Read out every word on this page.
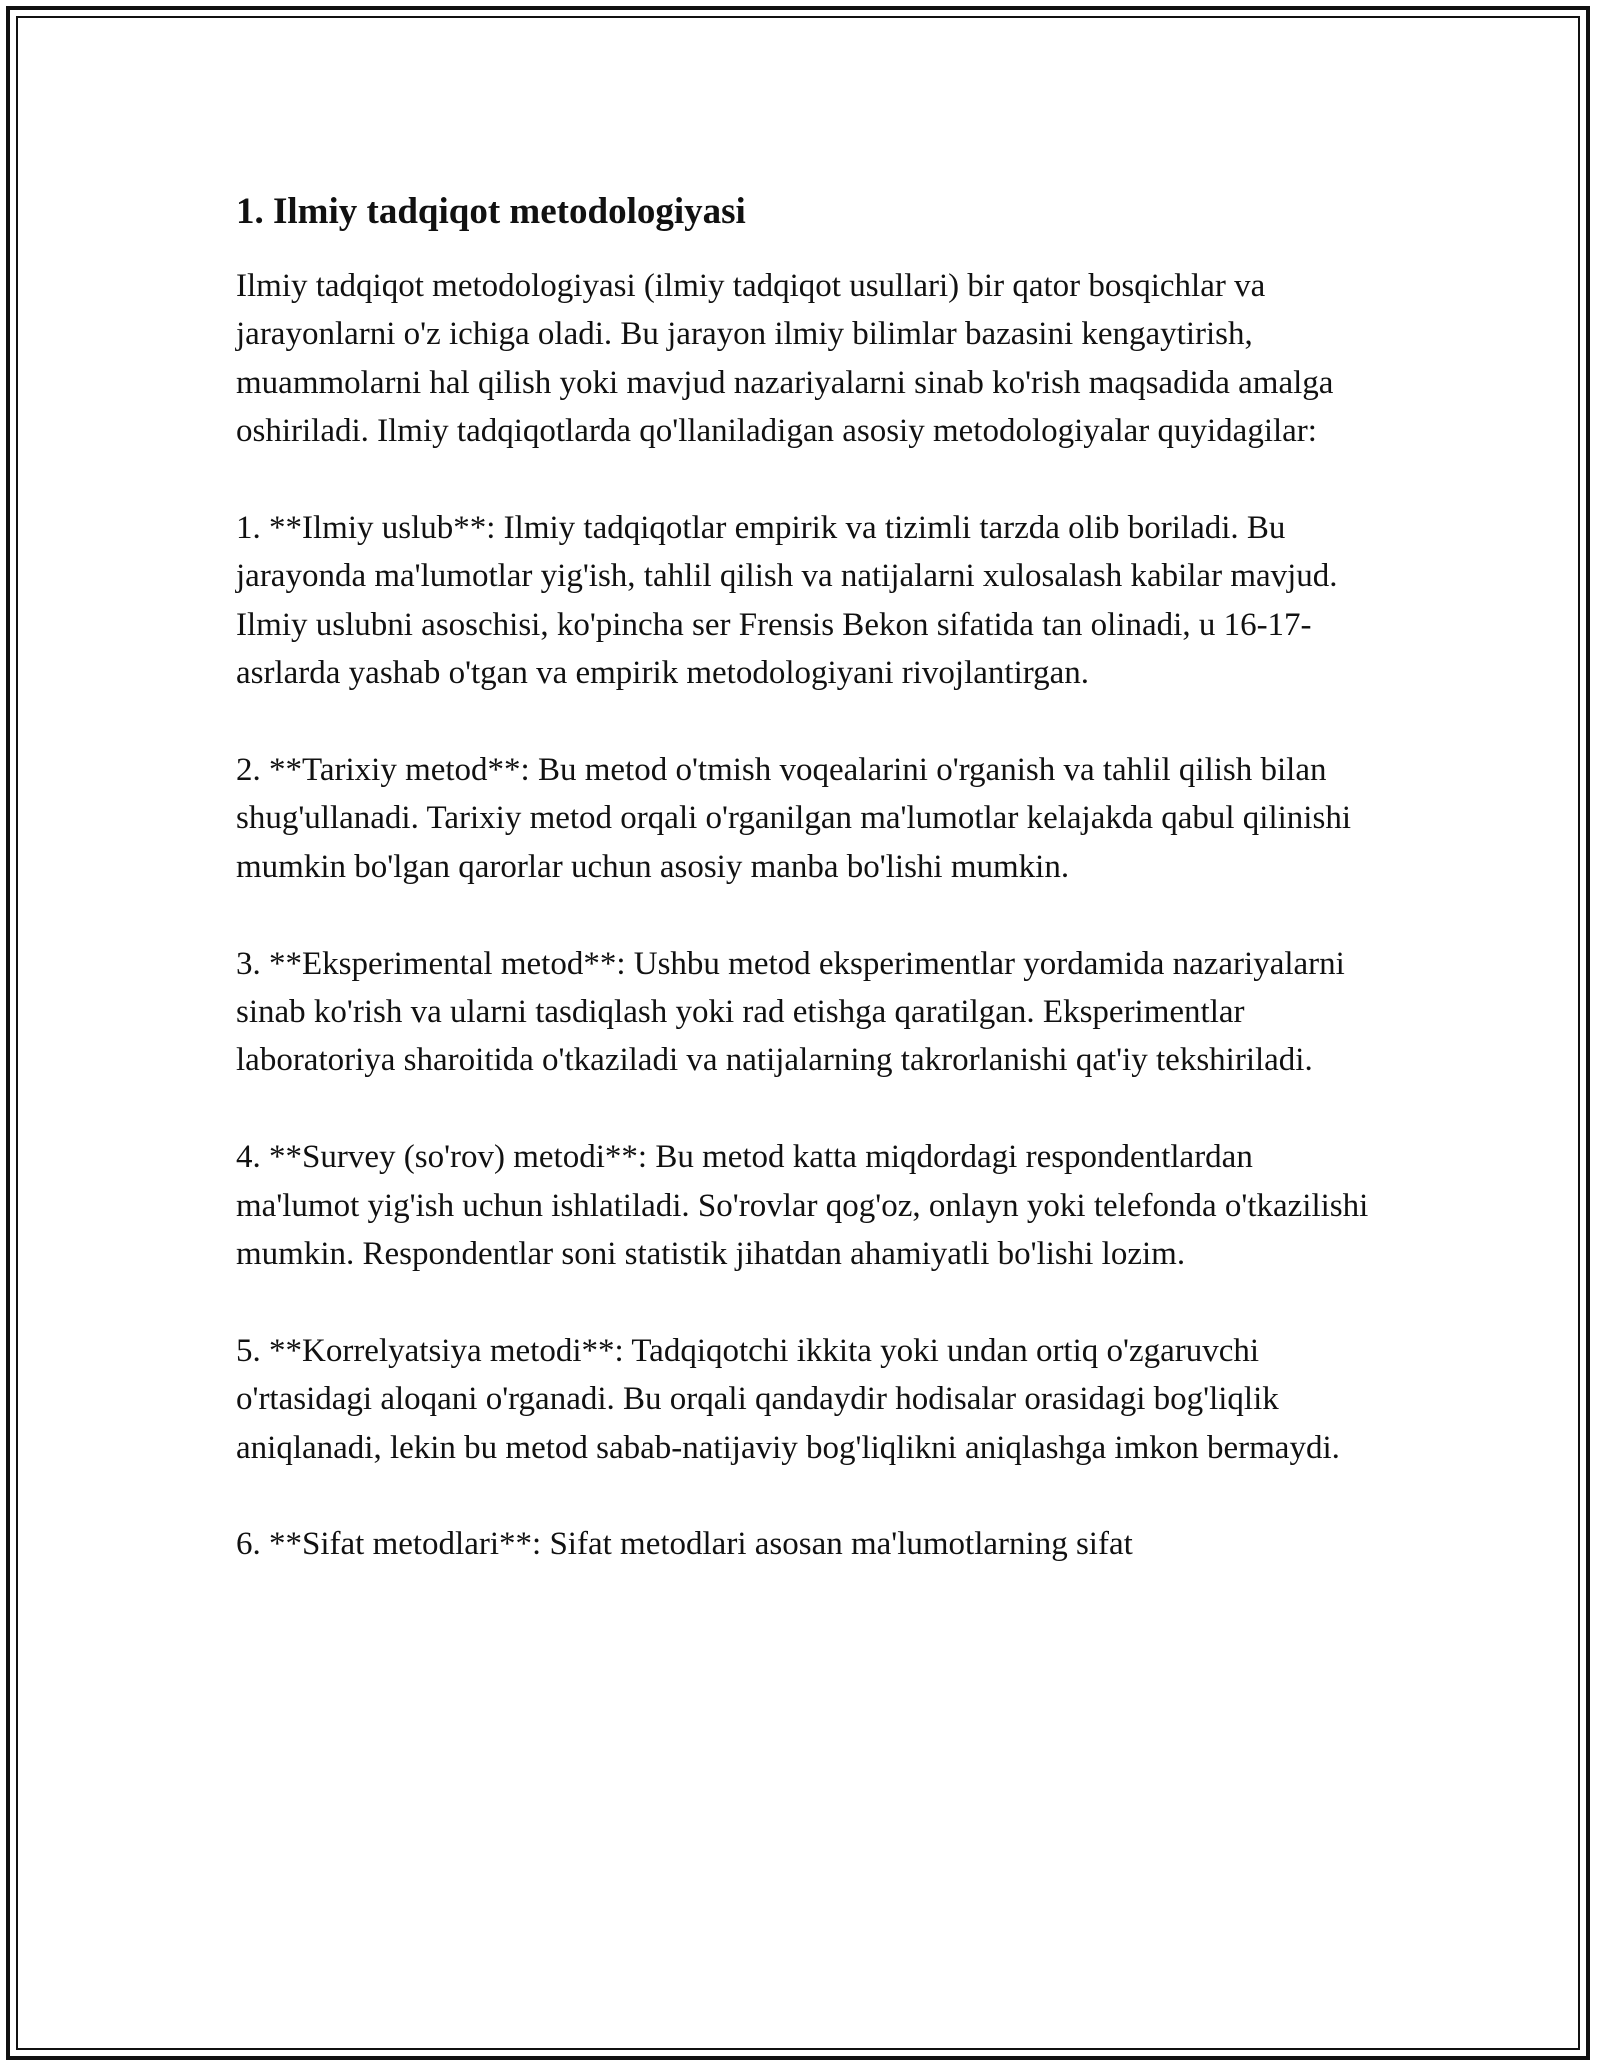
1. Ilmiy tadqiqot metodologiyasi

Ilmiy tadqiqot metodologiyasi (ilmiy tadqiqot usullari) bir qator bosqichlar va jarayonlarni o'z ichiga oladi. Bu jarayon ilmiy bilimlar bazasini kengaytirish, muammolarni hal qilish yoki mavjud nazariyalarni sinab ko'rish maqsadida amalga oshiriladi. Ilmiy tadqiqotlarda qo'llaniladigan asosiy metodologiyalar quyidagilar:

1. **Ilmiy uslub**: Ilmiy tadqiqotlar empirik va tizimli tarzda olib boriladi. Bu jarayonda ma'lumotlar yig'ish, tahlil qilish va natijalarni xulosalash kabilar mavjud. Ilmiy uslubni asoschisi, ko'pincha ser Frensis Bekon sifatida tan olinadi, u 16-17-asrlarda yashab o'tgan va empirik metodologiyani rivojlantirgan.

2. **Tarixiy metod**: Bu metod o'tmish voqealarini o'rganish va tahlil qilish bilan shug'ullanadi. Tarixiy metod orqali o'rganilgan ma'lumotlar kelajakda qabul qilinishi mumkin bo'lgan qarorlar uchun asosiy manba bo'lishi mumkin.

3. **Eksperimental metod**: Ushbu metod eksperimentlar yordamida nazariyalarni sinab ko'rish va ularni tasdiqlash yoki rad etishga qaratilgan. Eksperimentlar laboratoriya sharoitida o'tkaziladi va natijalarning takrorlanishi qat'iy tekshiriladi.

4. **Survey (so'rov) metodi**: Bu metod katta miqdordagi respondentlardan ma'lumot yig'ish uchun ishlatiladi. So'rovlar qog'oz, onlayn yoki telefonda o'tkazilishi mumkin. Respondentlar soni statistik jihatdan ahamiyatli bo'lishi lozim.

5. **Korrelyatsiya metodi**: Tadqiqotchi ikkita yoki undan ortiq o'zgaruvchi o'rtasidagi aloqani o'rganadi. Bu orqali qandaydir hodisalar orasidagi bog'liqlik aniqlanadi, lekin bu metod sabab-natijaviy bog'liqlikni aniqlashga imkon bermaydi.

6. **Sifat metodlari**: Sifat metodlari asosan ma'lumotlarning sifat
